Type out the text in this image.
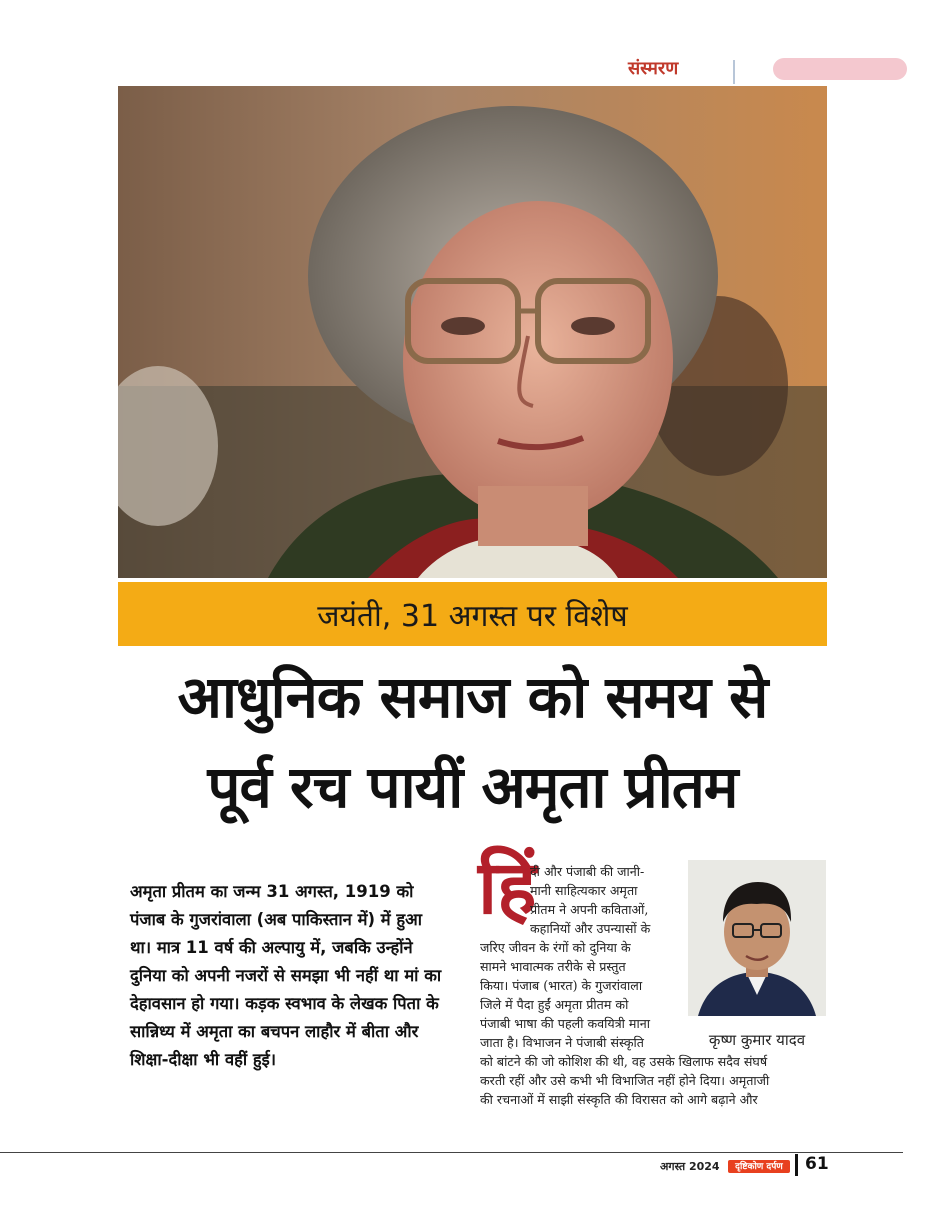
संस्मरण
जयंती, 31 अगस्त पर विशेष
आधुनिक समाज को समय से
पूर्व रच पायीं अमृता प्रीतम
अमृता प्रीतम का जन्म 31 अगस्त, 1919 को पंजाब के गुजरांवाला (अब पाकिस्तान में) में हुआ था। मात्र 11 वर्ष की अल्पायु में, जबकि उन्होंने दुनिया को अपनी नजरों से समझा भी नहीं था मां का देहावसान हो गया। कड़क स्वभाव के लेखक पिता के सान्निध्य में अमृता का बचपन लाहौर में बीता और शिक्षा-दीक्षा भी वहीं हुई।
हिं
दी और पंजाबी की जानी-
मानी साहित्यकार अमृता
प्रीतम ने अपनी कविताओं,
कहानियों और उपन्यासों के
जरिए जीवन के रंगों को दुनिया के
सामने भावात्मक तरीके से प्रस्तुत
किया। पंजाब (भारत) के गुजरांवाला
जिले में पैदा हुईं अमृता प्रीतम को
पंजाबी भाषा की पहली कवयित्री माना
जाता है। विभाजन ने पंजाबी संस्कृति
को बांटने की जो कोशिश की थी, वह उसके खिलाफ सदैव संघर्ष
करती रहीं और उसे कभी भी विभाजित नहीं होने दिया। अमृताजी
की रचनाओं में साझी संस्कृति की विरासत को आगे बढ़ाने और
कृष्ण कुमार यादव
अगस्त 2024	दृष्टिकोण दर्पण	61
